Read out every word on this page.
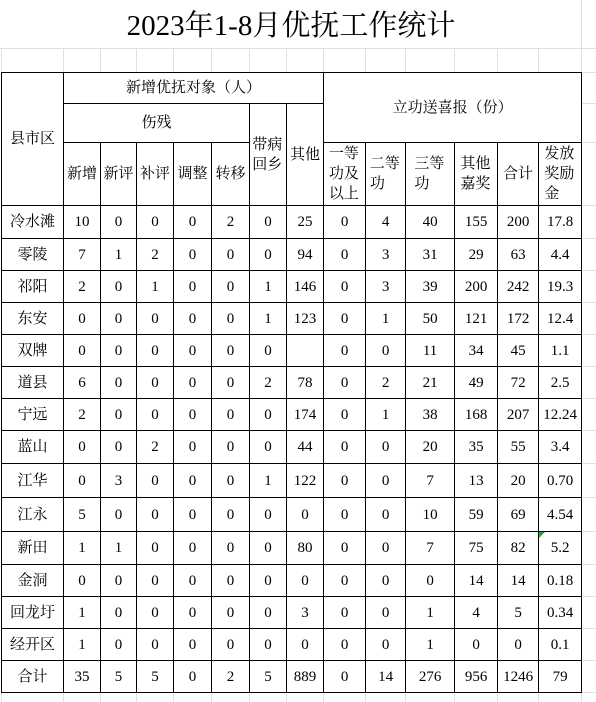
2023年1-8月优抚工作统计
县市区	新增优抚对象（人）							立功送喜报（份）					
	伤残					带病回乡	其他						
	新增	新评	补评	调整	转移			一等功及以上	二等功	三等功	其他嘉奖	合计	发放奖励金
冷水滩	10	0	0	0	2	0	25	0	4	40	155	200	17.8
零陵	7	1	2	0	0	0	94	0	3	31	29	63	4.4
祁阳	2	0	1	0	0	1	146	0	3	39	200	242	19.3
东安	0	0	0	0	0	1	123	0	1	50	121	172	12.4
双牌	0	0	0	0	0	0		0	0	11	34	45	1.1
道县	6	0	0	0	0	2	78	0	2	21	49	72	2.5
宁远	2	0	0	0	0	0	174	0	1	38	168	207	12.24
蓝山	0	0	2	0	0	0	44	0	0	20	35	55	3.4
江华	0	3	0	0	0	1	122	0	0	7	13	20	0.70
江永	5	0	0	0	0	0	0	0	0	10	59	69	4.54
新田	1	1	0	0	0	0	80	0	0	7	75	82	5.2

金洞	0	0	0	0	0	0	0	0	0	0	14	14	0.18
回龙圩	1	0	0	0	0	0	3	0	0	1	4	5	0.34
经开区	1	0	0	0	0	0	0	0	0	1	0	0	0.1
合计	35	5	5	0	2	5	889	0	14	276	956	1246	79
